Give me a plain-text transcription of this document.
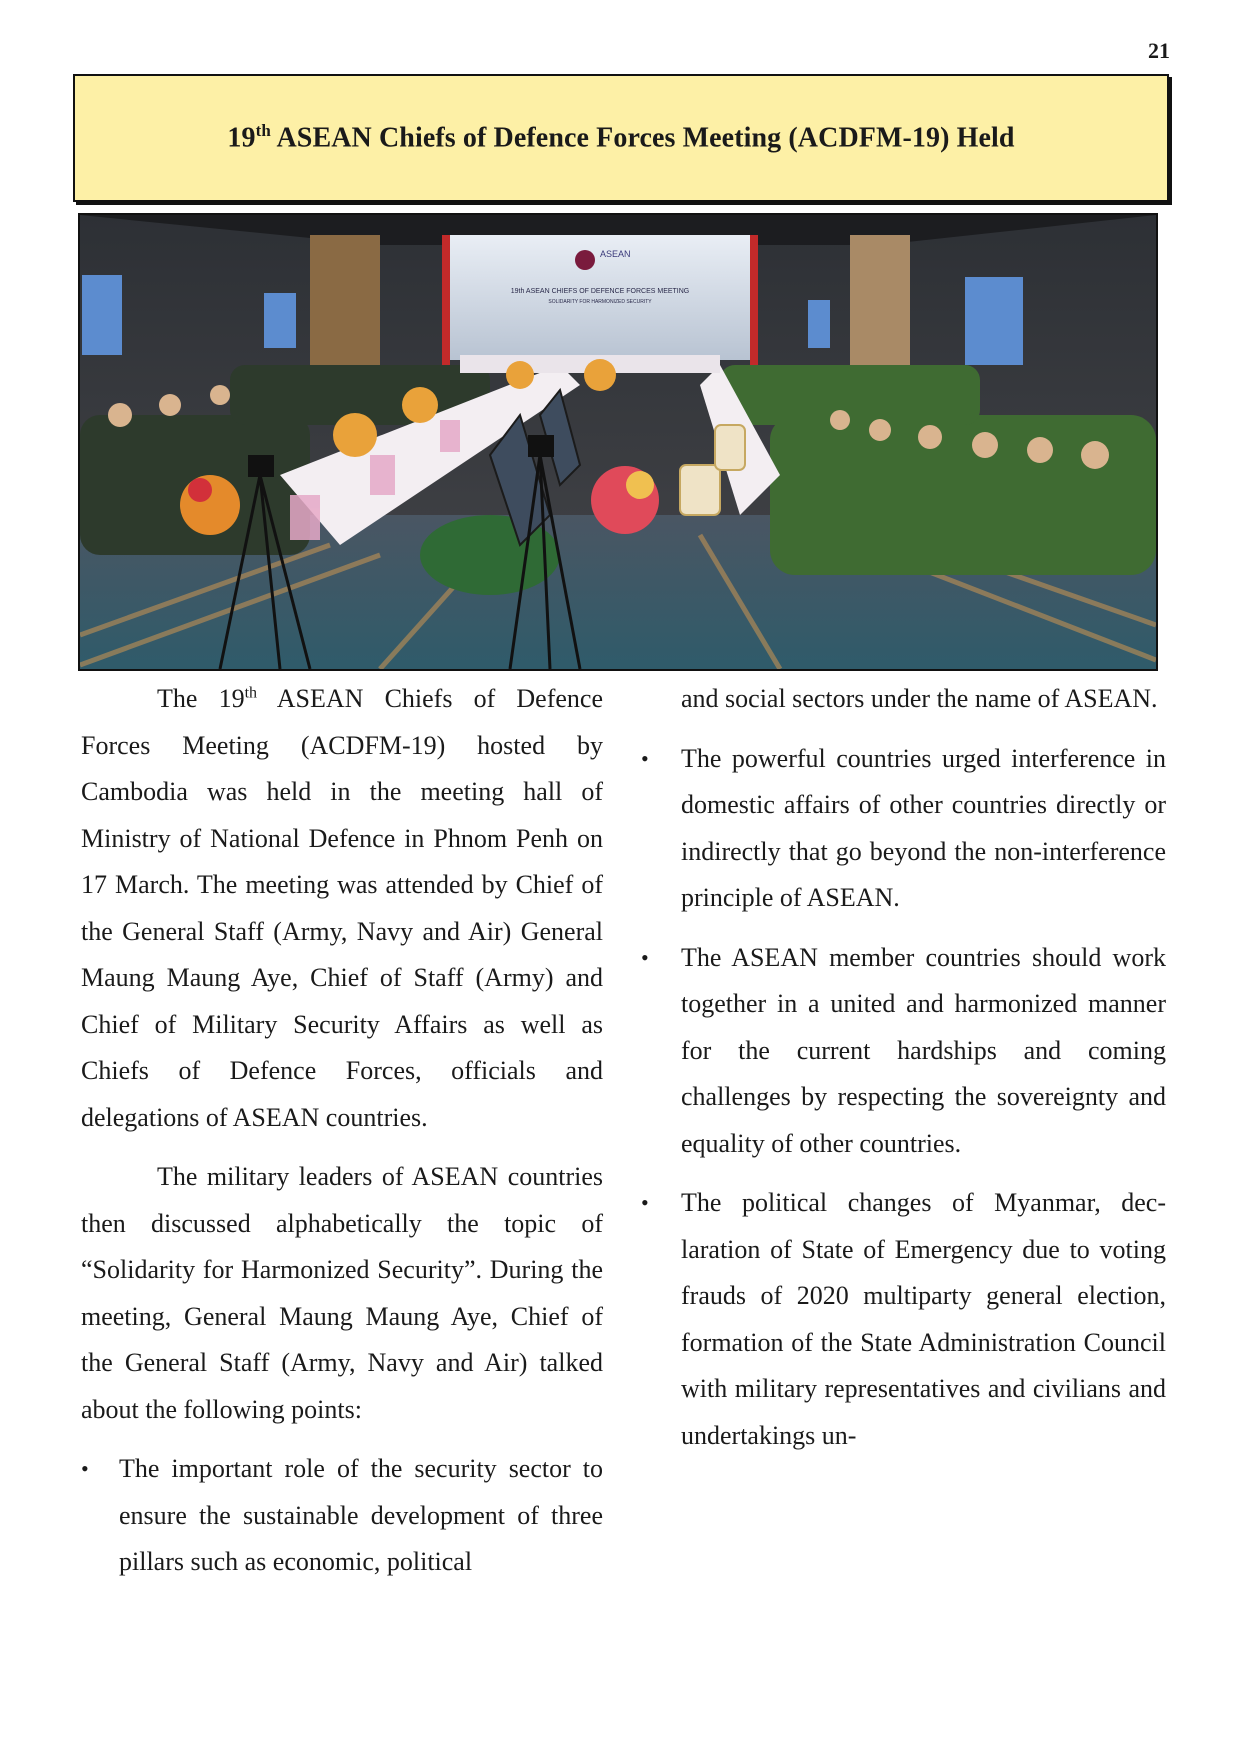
21
19th ASEAN Chiefs of Defence Forces Meeting (ACDFM-19) Held
ASEAN
19th ASEAN CHIEFS OF DEFENCE FORCES MEETING
SOLIDARITY FOR HARMONIZED SECURITY

The 19th ASEAN Chiefs of Defence Forces Meeting (ACDFM-19) hosted by Cambodia was held in the meeting hall of Ministry of National Defence in Phnom Penh on 17 March. The meeting was attended by Chief of the General Staff (Army, Navy and Air) General Maung Maung Aye, Chief of Staff (Army) and Chief of Military Security Affairs as well as Chiefs of Defence Forces, officials and delegations of ASEAN countries.

The military leaders of ASEAN countries then discussed alphabetically the topic of “Solidarity for Harmonized Security”. During the meeting, General Maung Maung Aye, Chief of the General Staff (Army, Navy and Air) talked about the following points:

•	The important role of the security sector to ensure the sustainable development of three pillars such as economic, political

and social sectors under the name of ASEAN.

•	The powerful countries urged interference in domestic affairs of other countries directly or indirectly that go beyond the non-interference principle of ASEAN.
•	The ASEAN member countries should work together in a united and harmonized manner for the current hardships and coming challenges by respecting the sovereignty and equality of other countries.
•	The political changes of Myanmar, declaration of State of Emergency due to voting frauds of 2020 multiparty general election, formation of the State Administration Council with military representatives and civilians and undertakings un-
